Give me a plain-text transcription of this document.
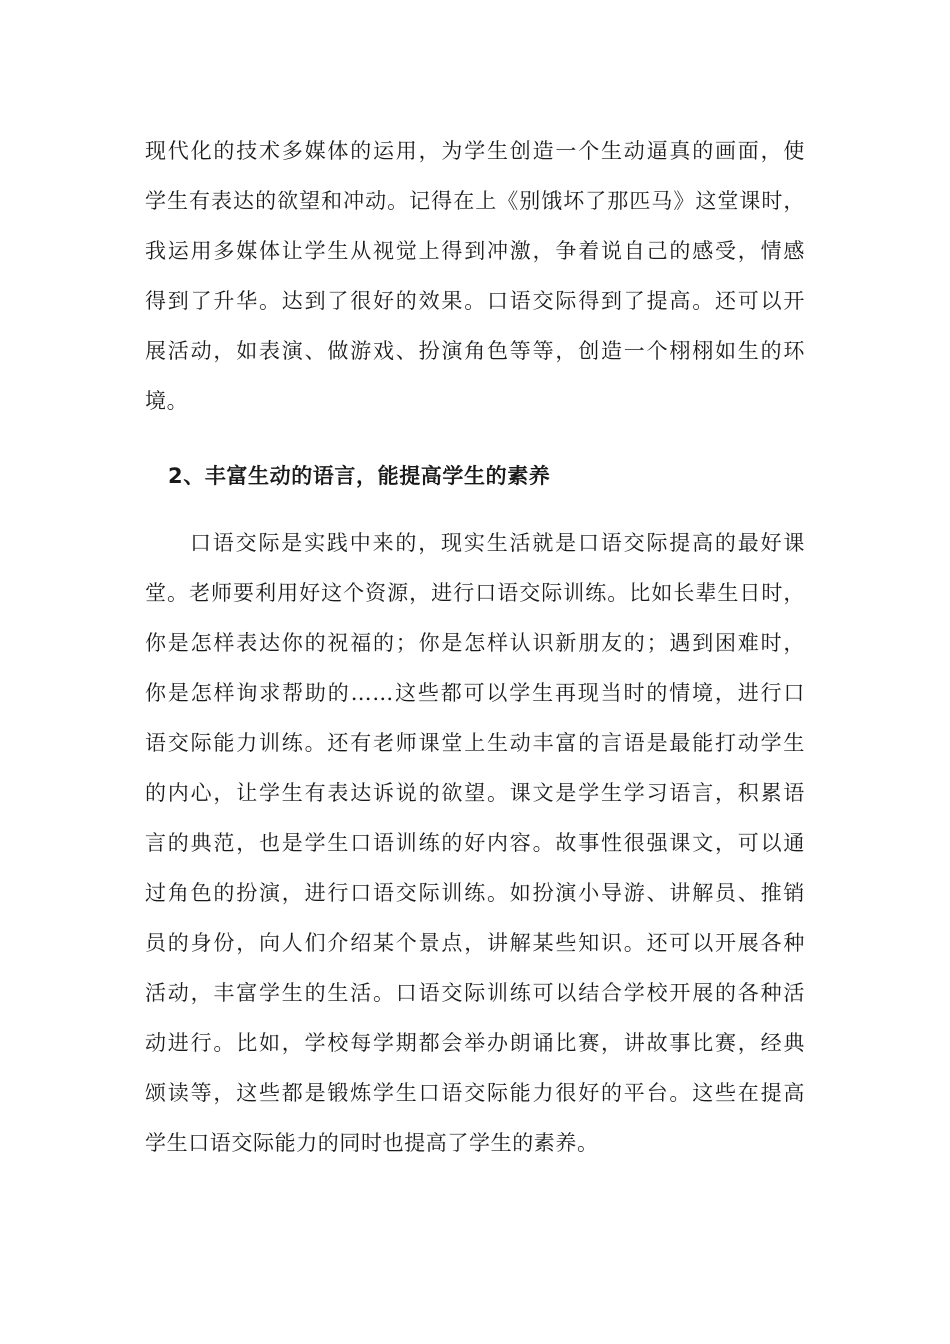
现代化的技术多媒体的运用，为学生创造一个生动逼真的画面，使
学生有表达的欲望和冲动。记得在上《别饿坏了那匹马》这堂课时，
我运用多媒体让学生从视觉上得到冲激，争着说自己的感受，情感
得到了升华。达到了很好的效果。口语交际得到了提高。还可以开
展活动，如表演、做游戏、扮演角色等等，创造一个栩栩如生的环
境。
2、丰富生动的语言，能提高学生的素养
口语交际是实践中来的，现实生活就是口语交际提高的最好课
堂。老师要利用好这个资源，进行口语交际训练。比如长辈生日时，
你是怎样表达你的祝福的；你是怎样认识新朋友的；遇到困难时，
你是怎样询求帮助的……这些都可以学生再现当时的情境，进行口
语交际能力训练。还有老师课堂上生动丰富的言语是最能打动学生
的内心，让学生有表达诉说的欲望。课文是学生学习语言，积累语
言的典范，也是学生口语训练的好内容。故事性很强课文，可以通
过角色的扮演，进行口语交际训练。如扮演小导游、讲解员、推销
员的身份，向人们介绍某个景点，讲解某些知识。还可以开展各种
活动，丰富学生的生活。口语交际训练可以结合学校开展的各种活
动进行。比如，学校每学期都会举办朗诵比赛，讲故事比赛，经典
颂读等，这些都是锻炼学生口语交际能力很好的平台。这些在提高
学生口语交际能力的同时也提高了学生的素养。
